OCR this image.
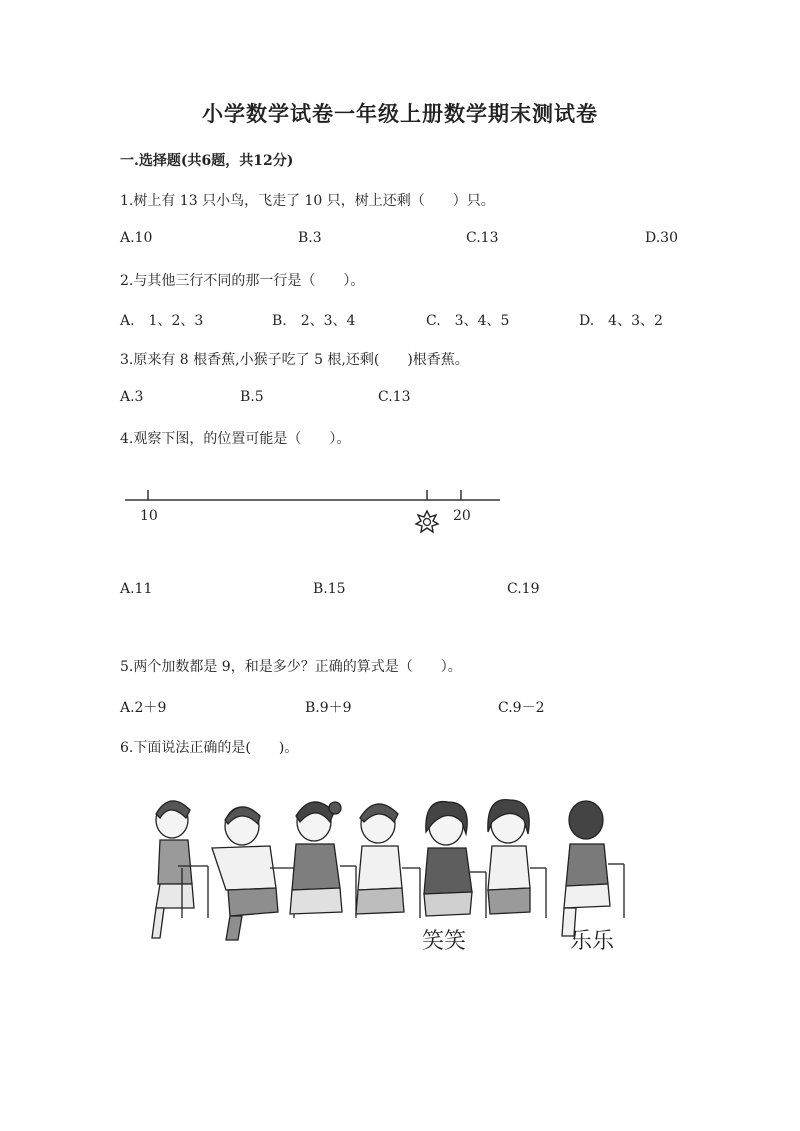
小学数学试卷一年级上册数学期末测试卷
一.选择题(共6题，共12分)
1.树上有 13 只小鸟，飞走了 10 只，树上还剩（　　）只。
A.10	B.3	C.13	D.30
2.与其他三行不同的那一行是（　　）。
A.　1、2、3	B.　2、3、4	C.　3、4、5	D.　4、3、2
3.原来有 8 根香蕉,小猴子吃了 5 根,还剩(　　)根香蕉。
A.3	B.5	C.13
4.观察下图，的位置可能是（　　）。
10	20
A.11	B.15	C.19
5.两个加数都是 9，和是多少？正确的算式是（　　）。
A.2＋9	B.9＋9	C.9－2
6.下面说法正确的是(　　)。
笑笑	乐乐
